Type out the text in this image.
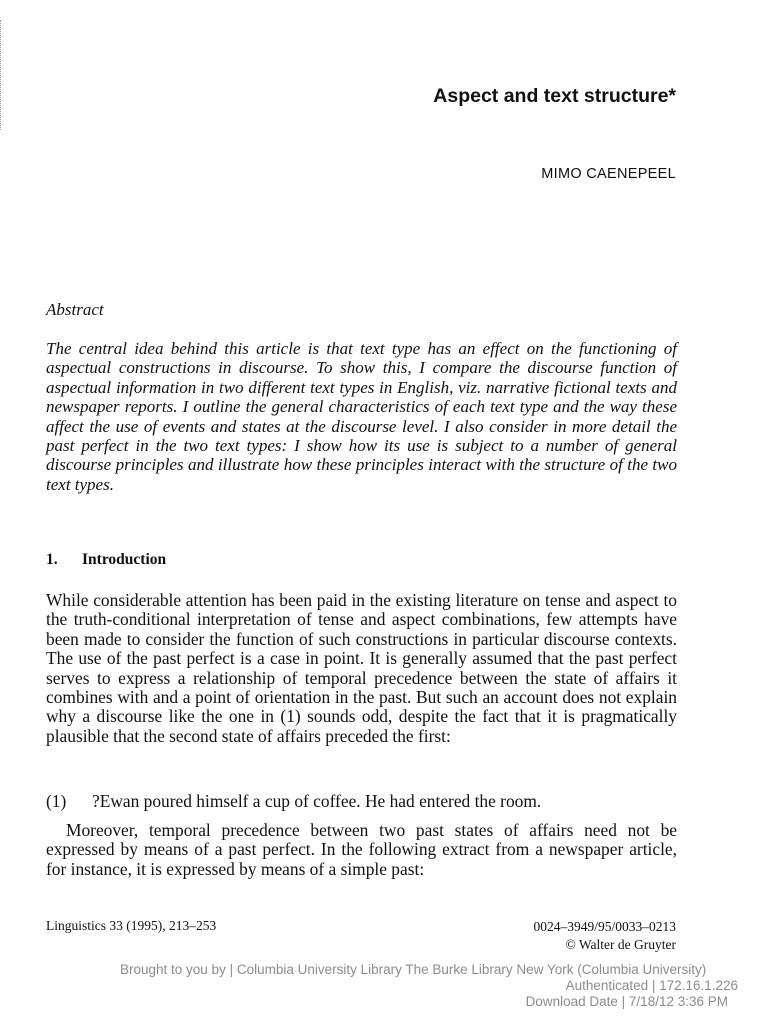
Aspect and text structure*
MIMO CAENEPEEL
Abstract

The central idea behind this article is that text type has an effect on the functioning of aspectual constructions in discourse. To show this, I compare the discourse function of aspectual information in two different text types in English, viz. narrative fictional texts and newspaper reports. I outline the general characteristics of each text type and the way these affect the use of events and states at the discourse level. I also consider in more detail the past perfect in the two text types: I show how its use is subject to a number of general discourse principles and illustrate how these principles interact with the structure of the two text types.

1. Introduction

While considerable attention has been paid in the existing literature on tense and aspect to the truth-conditional interpretation of tense and aspect combinations, few attempts have been made to consider the function of such constructions in particular discourse contexts. The use of the past perfect is a case in point. It is generally assumed that the past perfect serves to express a relationship of temporal precedence between the state of affairs it combines with and a point of orientation in the past. But such an account does not explain why a discourse like the one in (1) sounds odd, despite the fact that it is pragmatically plausible that the second state of affairs preceded the first:

(1) ?Ewan poured himself a cup of coffee. He had entered the room.

Moreover, temporal precedence between two past states of affairs need not be expressed by means of a past perfect. In the following extract from a newspaper article, for instance, it is expressed by means of a simple past:

Linguistics 33 (1995), 213–253	0024–3949/95/0033–0213
© Walter de Gruyter
Brought to you by | Columbia University Library The Burke Library New York (Columbia University)
Authenticated | 172.16.1.226
Download Date | 7/18/12 3:36 PM
